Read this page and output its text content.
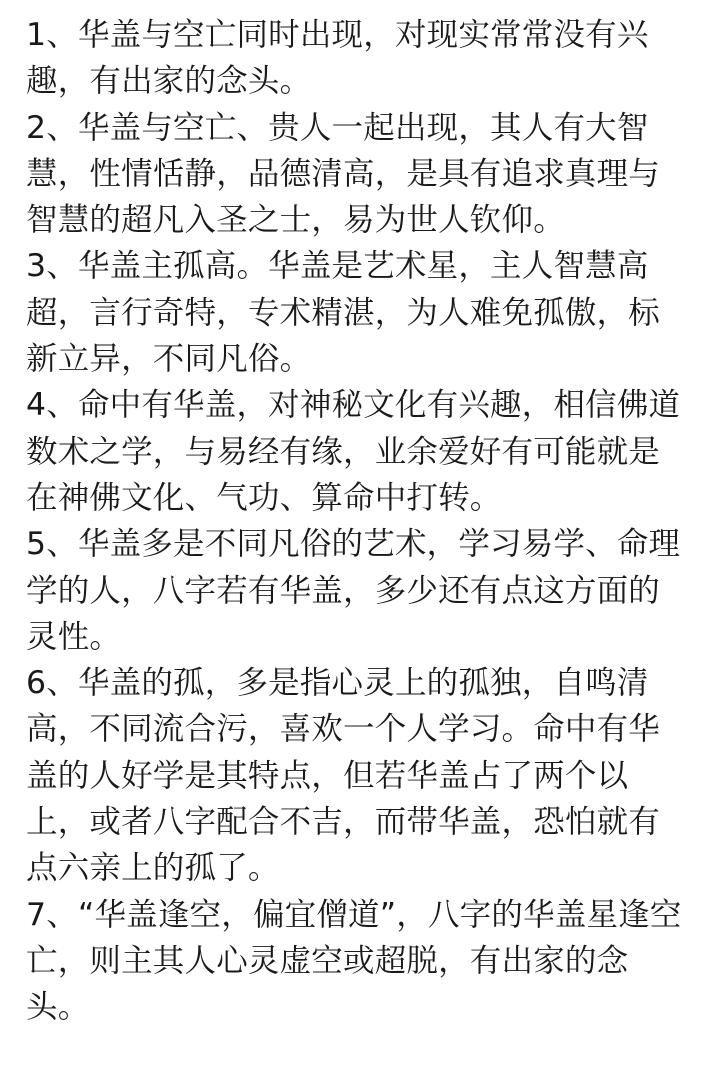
1、华盖与空亡同时出现，对现实常常没有兴
趣，有出家的念头。
2、华盖与空亡、贵人一起出现，其人有大智
慧，性情恬静，品德清高，是具有追求真理与
智慧的超凡入圣之士，易为世人钦仰。
3、华盖主孤高。华盖是艺术星，主人智慧高
超，言行奇特，专术精湛，为人难免孤傲，标
新立异，不同凡俗。
4、命中有华盖，对神秘文化有兴趣，相信佛道
数术之学，与易经有缘，业余爱好有可能就是
在神佛文化、气功、算命中打转。
5、华盖多是不同凡俗的艺术，学习易学、命理
学的人，八字若有华盖，多少还有点这方面的
灵性。
6、华盖的孤，多是指心灵上的孤独，自鸣清
高，不同流合污，喜欢一个人学习。命中有华
盖的人好学是其特点，但若华盖占了两个以
上，或者八字配合不吉，而带华盖，恐怕就有
点六亲上的孤了。
7、“华盖逢空，偏宜僧道”，八字的华盖星逢空
亡，则主其人心灵虚空或超脱，有出家的念
头。
